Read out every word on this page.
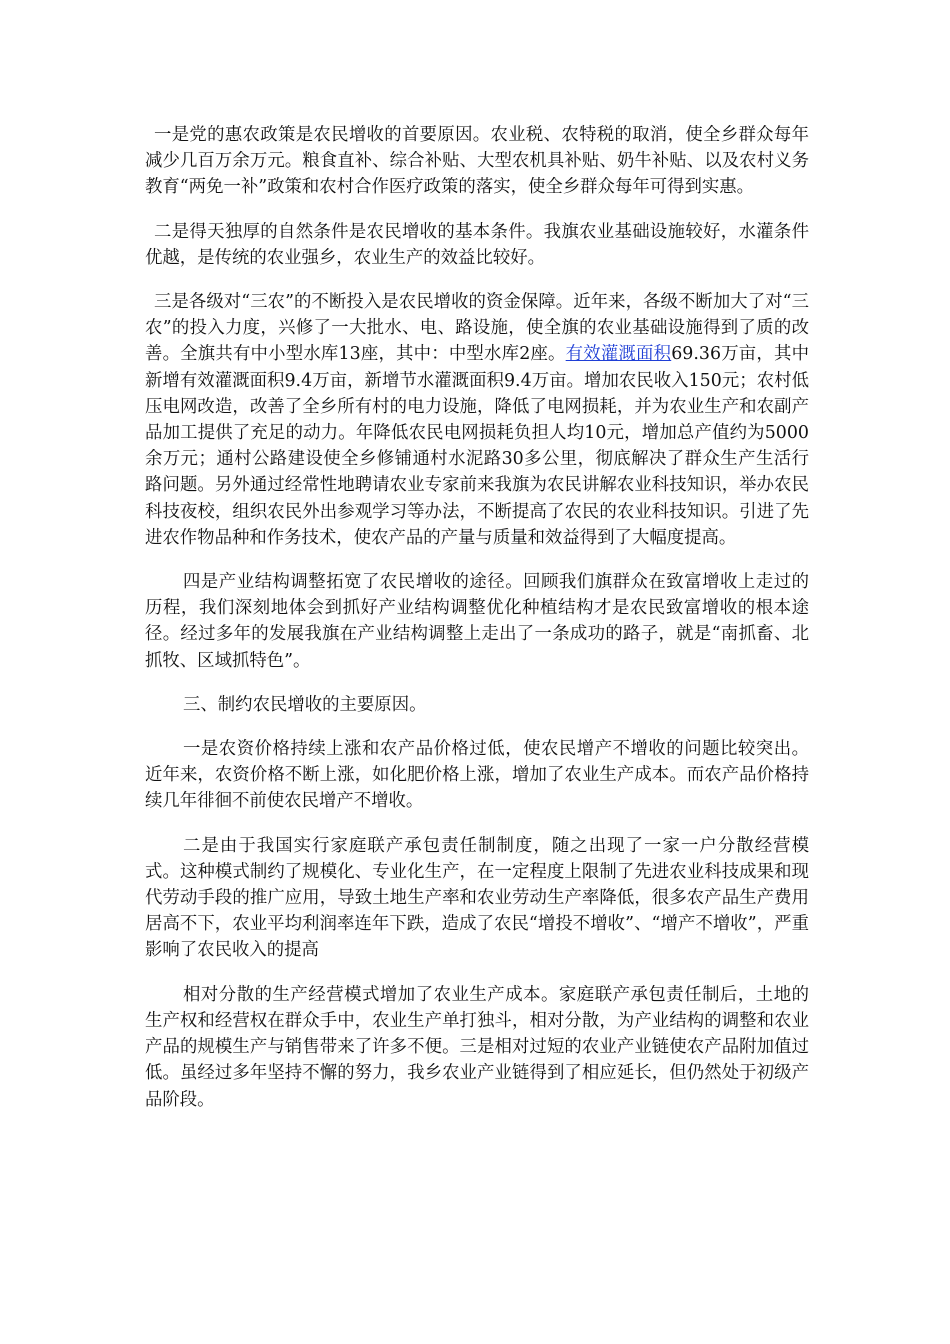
一是党的惠农政策是农民增收的首要原因。农业税、农特税的取消，使全乡群众每年减少几百万余万元。粮食直补、综合补贴、大型农机具补贴、奶牛补贴、以及农村义务教育“两免一补”政策和农村合作医疗政策的落实，使全乡群众每年可得到实惠。

二是得天独厚的自然条件是农民增收的基本条件。我旗农业基础设施较好，水灌条件优越，是传统的农业强乡，农业生产的效益比较好。

三是各级对“三农”的不断投入是农民增收的资金保障。近年来，各级不断加大了对“三农”的投入力度，兴修了一大批水、电、路设施，使全旗的农业基础设施得到了质的改善。全旗共有中小型水库13座，其中：中型水库2座。有效灌溉面积69.36万亩，其中新增有效灌溉面积9.4万亩，新增节水灌溉面积9.4万亩。增加农民收入150元；农村低压电网改造，改善了全乡所有村的电力设施，降低了电网损耗，并为农业生产和农副产品加工提供了充足的动力。年降低农民电网损耗负担人均10元，增加总产值约为5000余万元；通村公路建设使全乡修铺通村水泥路30多公里，彻底解决了群众生产生活行路问题。另外通过经常性地聘请农业专家前来我旗为农民讲解农业科技知识，举办农民科技夜校，组织农民外出参观学习等办法，不断提高了农民的农业科技知识。引进了先进农作物品种和作务技术，使农产品的产量与质量和效益得到了大幅度提高。

四是产业结构调整拓宽了农民增收的途径。回顾我们旗群众在致富增收上走过的历程，我们深刻地体会到抓好产业结构调整优化种植结构才是农民致富增收的根本途径。经过多年的发展我旗在产业结构调整上走出了一条成功的路子，就是“南抓畜、北抓牧、区域抓特色”。

三、制约农民增收的主要原因。

一是农资价格持续上涨和农产品价格过低，使农民增产不增收的问题比较突出。近年来，农资价格不断上涨，如化肥价格上涨，增加了农业生产成本。而农产品价格持续几年徘徊不前使农民增产不增收。

二是由于我国实行家庭联产承包责任制制度，随之出现了一家一户分散经营模式。这种模式制约了规模化、专业化生产，在一定程度上限制了先进农业科技成果和现代劳动手段的推广应用，导致土地生产率和农业劳动生产率降低，很多农产品生产费用居高不下，农业平均利润率连年下跌，造成了农民“增投不增收”、“增产不增收”，严重影响了农民收入的提高

相对分散的生产经营模式增加了农业生产成本。家庭联产承包责任制后，土地的生产权和经营权在群众手中，农业生产单打独斗，相对分散，为产业结构的调整和农业产品的规模生产与销售带来了许多不便。三是相对过短的农业产业链使农产品附加值过低。虽经过多年坚持不懈的努力，我乡农业产业链得到了相应延长，但仍然处于初级产品阶段。
